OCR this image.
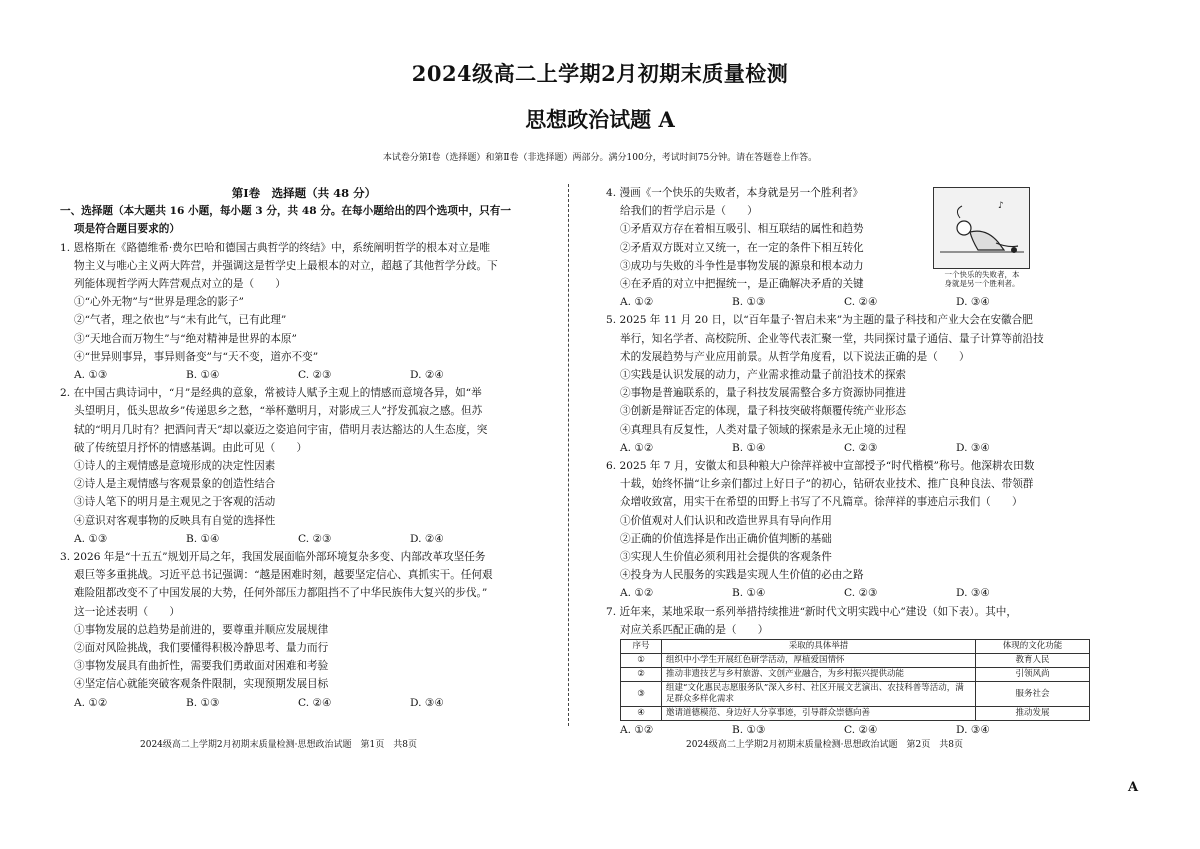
2024级高二上学期2月初期末质量检测
思想政治试题 A
本试卷分第Ⅰ卷（选择题）和第Ⅱ卷（非选择题）两部分。满分100分，考试时间75分钟。请在答题卷上作答。
第Ⅰ卷　选择题（共 48 分）
一、选择题（本大题共 16 小题，每小题 3 分，共 48 分。在每小题给出的四个选项中，只有一
项是符合题目要求的）
1. 恩格斯在《路德维希·费尔巴哈和德国古典哲学的终结》中，系统阐明哲学的根本对立是唯
物主义与唯心主义两大阵营，并强调这是哲学史上最根本的对立，超越了其他哲学分歧。下
列能体现哲学两大阵营观点对立的是（　　）
①“心外无物”与“世界是理念的影子”
②“气者，理之依也”与“未有此气，已有此理”
③“天地合而万物生”与“绝对精神是世界的本原”
④“世异则事异，事异则备变”与“天不变，道亦不变”
A. ①③	B. ①④	C. ②③	D. ②④
2. 在中国古典诗词中，“月”是经典的意象，常被诗人赋予主观上的情感而意境各异，如“举
头望明月，低头思故乡”传递思乡之愁，“举杯邀明月，对影成三人”抒发孤寂之感。但苏
轼的“明月几时有？把酒问青天”却以豪迈之姿追问宇宙，借明月表达豁达的人生态度，突
破了传统望月抒怀的情感基调。由此可见（　　）
①诗人的主观情感是意境形成的决定性因素
②诗人是主观情感与客观景象的创造性结合
③诗人笔下的明月是主观见之于客观的活动
④意识对客观事物的反映具有自觉的选择性
A. ①③	B. ①④	C. ②③	D. ②④
3. 2026 年是“十五五”规划开局之年，我国发展面临外部环境复杂多变、内部改革攻坚任务
艰巨等多重挑战。习近平总书记强调：“越是困难时刻，越要坚定信心、真抓实干。任何艰
难险阻都改变不了中国发展的大势，任何外部压力都阻挡不了中华民族伟大复兴的步伐。”
这一论述表明（　　）
①事物发展的总趋势是前进的，要尊重并顺应发展规律
②面对风险挑战，我们要懂得积极冷静思考、量力而行
③事物发展具有曲折性，需要我们勇敢面对困难和考验
④坚定信心就能突破客观条件限制，实现预期发展目标
A. ①②	B. ①③	C. ②④	D. ③④
4. 漫画《一个快乐的失败者，本身就是另一个胜利者》
给我们的哲学启示是（　　）
①矛盾双方存在着相互吸引、相互联结的属性和趋势
②矛盾双方既对立又统一，在一定的条件下相互转化
③成功与失败的斗争性是事物发展的源泉和根本动力
④在矛盾的对立中把握统一，是正确解决矛盾的关键
A. ①②	B. ①③	C. ②④	D. ③④
5. 2025 年 11 月 20 日，以“百年量子·智启未来”为主题的量子科技和产业大会在安徽合肥
举行，知名学者、高校院所、企业等代表汇聚一堂，共同探讨量子通信、量子计算等前沿技
术的发展趋势与产业应用前景。从哲学角度看，以下说法正确的是（　　）
①实践是认识发展的动力，产业需求推动量子前沿技术的探索
②事物是普遍联系的，量子科技发展需整合多方资源协同推进
③创新是辩证否定的体现，量子科技突破将颠覆传统产业形态
④真理具有反复性，人类对量子领域的探索是永无止境的过程
A. ①②	B. ①④	C. ②③	D. ③④
6. 2025 年 7 月，安徽太和县种粮大户徐萍祥被中宣部授予“时代楷模”称号。他深耕农田数
十载，始终怀揣“让乡亲们都过上好日子”的初心，钻研农业技术、推广良种良法、带领群
众增收致富，用实干在希望的田野上书写了不凡篇章。徐萍祥的事迹启示我们（　　）
①价值观对人们认识和改造世界具有导向作用
②正确的价值选择是作出正确价值判断的基础
③实现人生价值必须利用社会提供的客观条件
④投身为人民服务的实践是实现人生价值的必由之路
A. ①②	B. ①④	C. ②③	D. ③④
7. 近年来，某地采取一系列举措持续推进“新时代文明实践中心”建设（如下表）。其中，
对应关系匹配正确的是（　　）
序号	采取的具体举措	体现的文化功能
①	组织中小学生开展红色研学活动，厚植爱国情怀	教育人民
②	推动非遗技艺与乡村旅游、文创产业融合，为乡村振兴提供动能	引领风尚
③	组建“文化惠民志愿服务队”深入乡村、社区开展文艺演出、农技科普等活动，满足群众多样化需求	服务社会
④	邀请道德模范、身边好人分享事迹，引导群众崇德向善	推动发展
A. ①②	B. ①③	C. ②④	D. ③④
♪
一个快乐的失败者，本
身就是另一个胜利者。
2024级高二上学期2月初期末质量检测·思想政治试题　第1页　共8页	2024级高二上学期2月初期末质量检测·思想政治试题　第2页　共8页
A
